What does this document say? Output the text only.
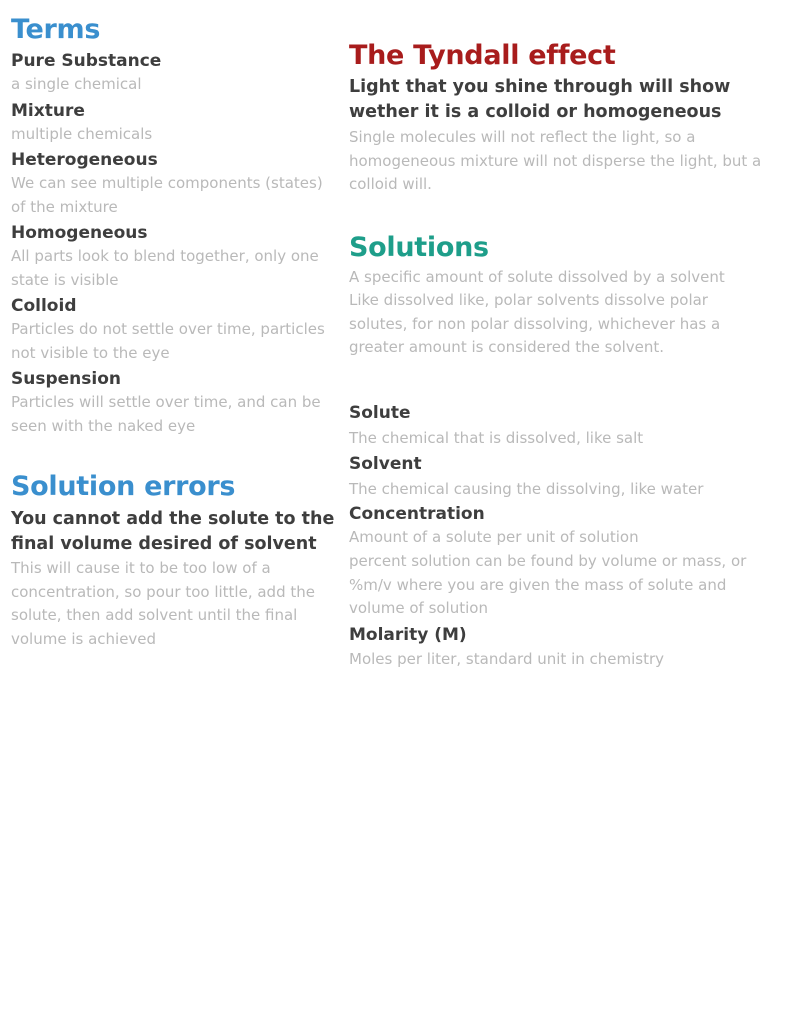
Terms

Pure Substance

a single chemical

Mixture

multiple chemicals

Heterogeneous

We can see multiple components (states) of the mixture

Homogeneous

All parts look to blend together, only one state is visible

Colloid

Particles do not settle over time, particles not visible to the eye

Suspension

Particles will settle over time, and can be seen with the naked eye

Solution errors

You cannot add the solute to the final volume desired of solvent

This will cause it to be too low of a concentration, so pour too little, add the solute, then add solvent until the final volume is achieved

The Tyndall effect

Light that you shine through will show wether it is a colloid or homogeneous

Single molecules will not reflect the light, so a homogeneous mixture will not disperse the light, but a colloid will.

Solutions

A specific amount of solute dissolved by a solvent

Like dissolved like, polar solvents dissolve polar solutes, for non polar dissolving, whichever has a greater amount is considered the solvent.

Solute

The chemical that is dissolved, like salt

Solvent

The chemical causing the dissolving, like water

Concentration

Amount of a solute per unit of solution

percent solution can be found by volume or mass, or %m/v where you are given the mass of solute and volume of solution

Molarity (M)

Moles per liter, standard unit in chemistry
